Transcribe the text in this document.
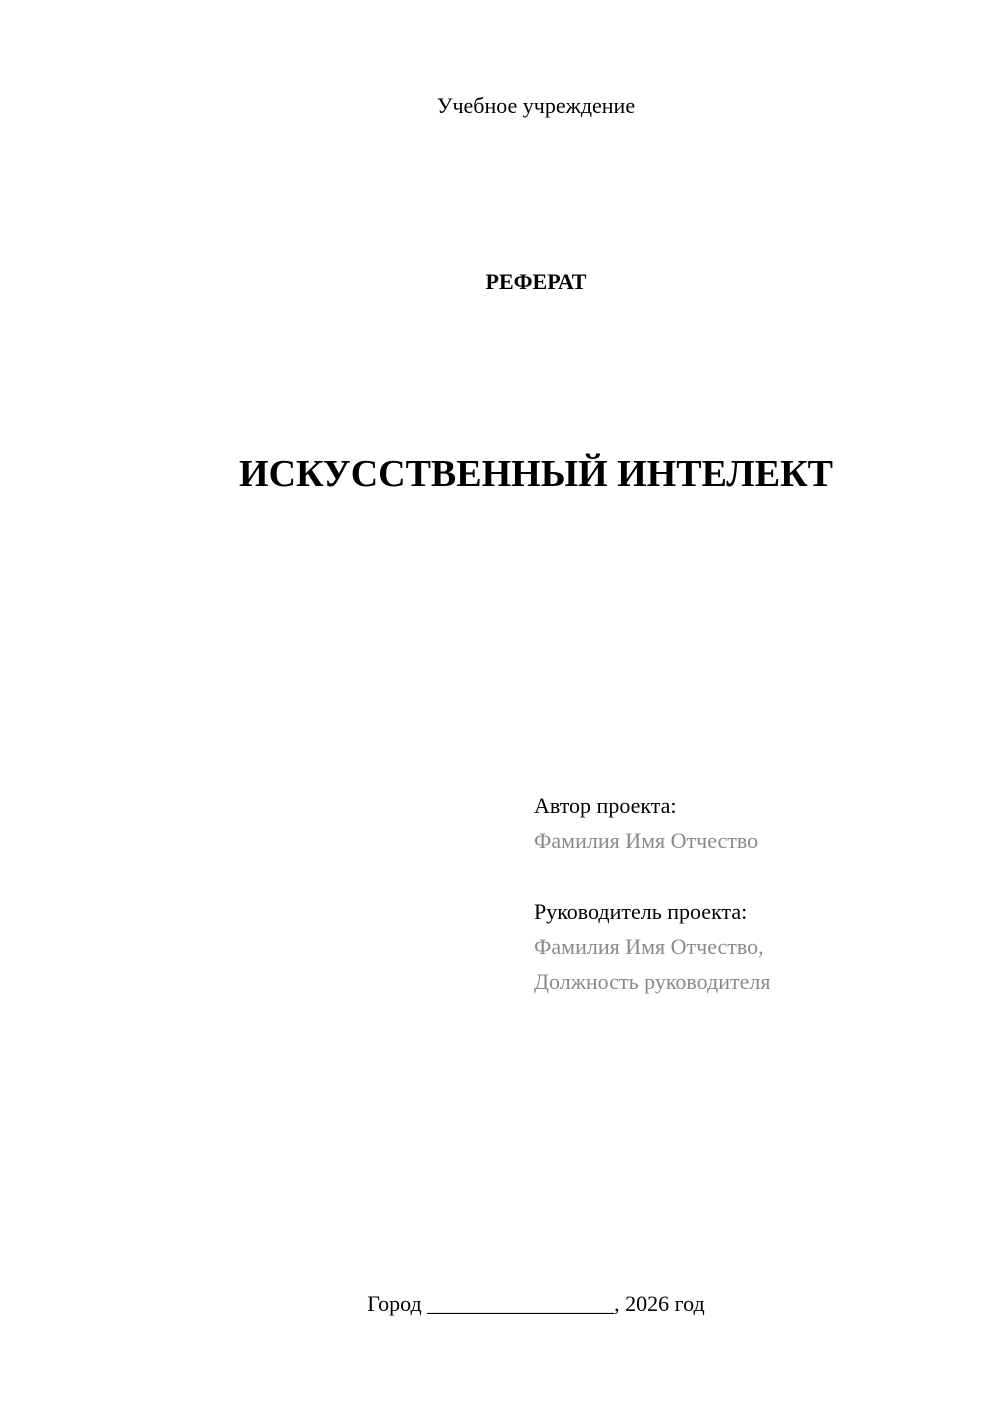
Учебное учреждение
РЕФЕРАТ
ИСКУССТВЕННЫЙ ИНТЕЛЕКТ
Автор проекта:
Фамилия Имя Отчество
Руководитель проекта:
Фамилия Имя Отчество,
Должность руководителя
Город _________________, 2026 год
